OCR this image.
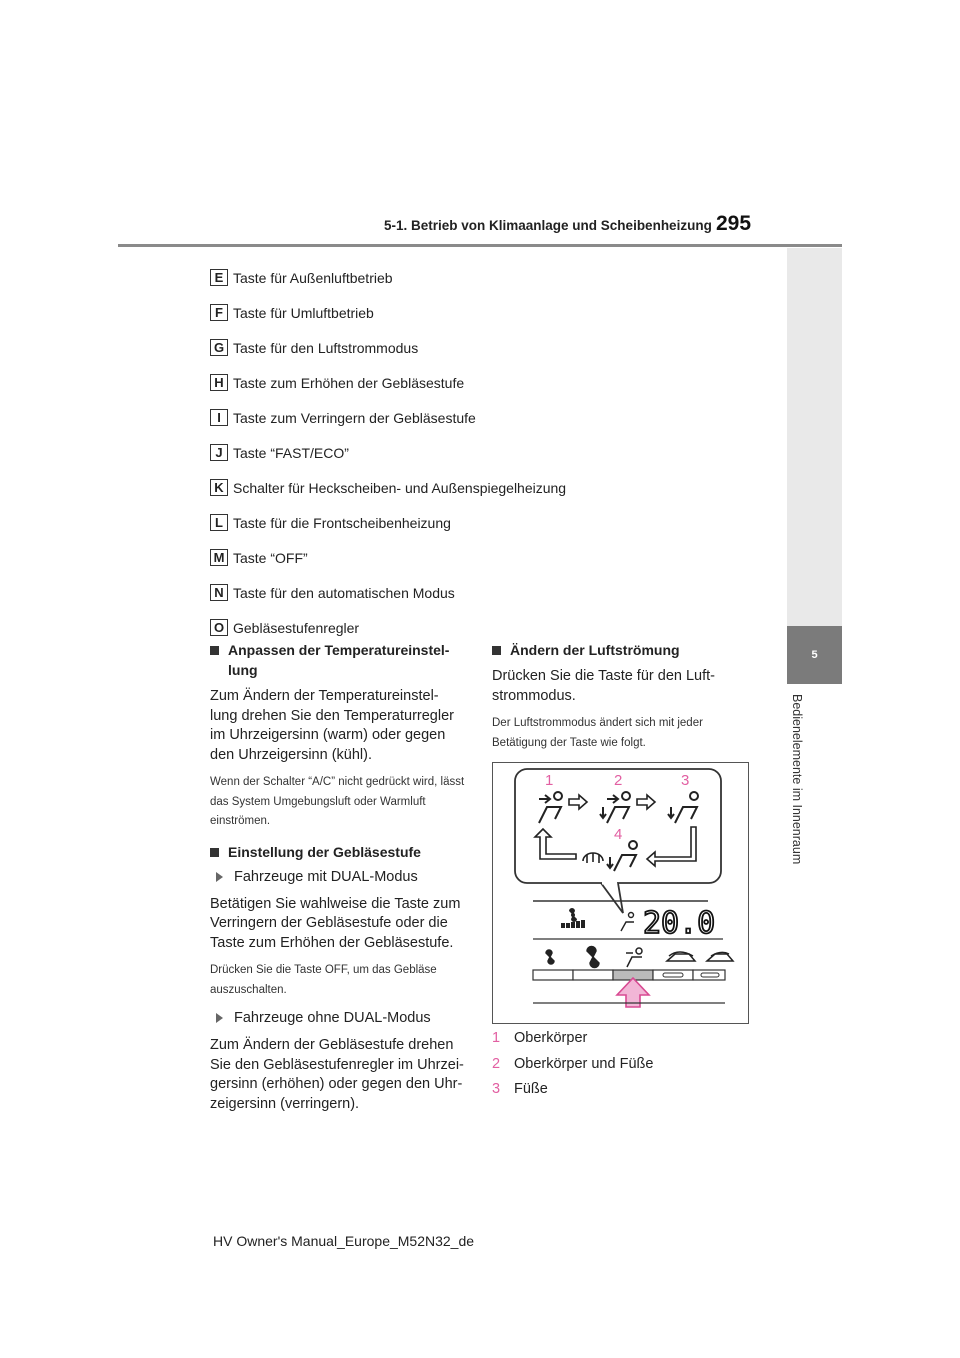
5-1. Betrieb von Klimaanlage und Scheibenheizung 295
5
Bedienelemente im Innenraum
E Taste für Außenluftbetrieb
F Taste für Umluftbetrieb
G Taste für den Luftstrommodus
H Taste zum Erhöhen der Gebläsestufe
I Taste zum Verringern der Gebläsestufe
J Taste “FAST/ECO”
K Schalter für Heckscheiben- und Außenspiegelheizung
L Taste für die Frontscheibenheizung
M Taste “OFF”
N Taste für den automatischen Modus
O Gebläsestufenregler
Anpassen der Temperatureinstel-lung

Zum Ändern der Temperatureinstel-lung drehen Sie den Temperaturregler im Uhrzeigersinn (warm) oder gegen den Uhrzeigersinn (kühl).

Wenn der Schalter “A/C” nicht gedrückt wird, lässt das System Umgebungsluft oder Warmluft einströmen.

Einstellung der Gebläsestufe
Fahrzeuge mit DUAL-Modus

Betätigen Sie wahlweise die Taste zum Verringern der Gebläsestufe oder die Taste zum Erhöhen der Gebläsestufe.

Drücken Sie die Taste OFF, um das Gebläse auszuschalten.

Fahrzeuge ohne DUAL-Modus

Zum Ändern der Gebläsestufe drehen Sie den Gebläsestufenregler im Uhrzei-gersinn (erhöhen) oder gegen den Uhr-zeigersinn (verringern).

Ändern der Luftströmung

Drücken Sie die Taste für den Luft-strommodus.

Der Luftstrommodus ändert sich mit jeder Betätigung der Taste wie folgt.

1	2	3
4
20.0
1 Oberkörper
2 Oberkörper und Füße
3 Füße
HV Owner's Manual_Europe_M52N32_de
